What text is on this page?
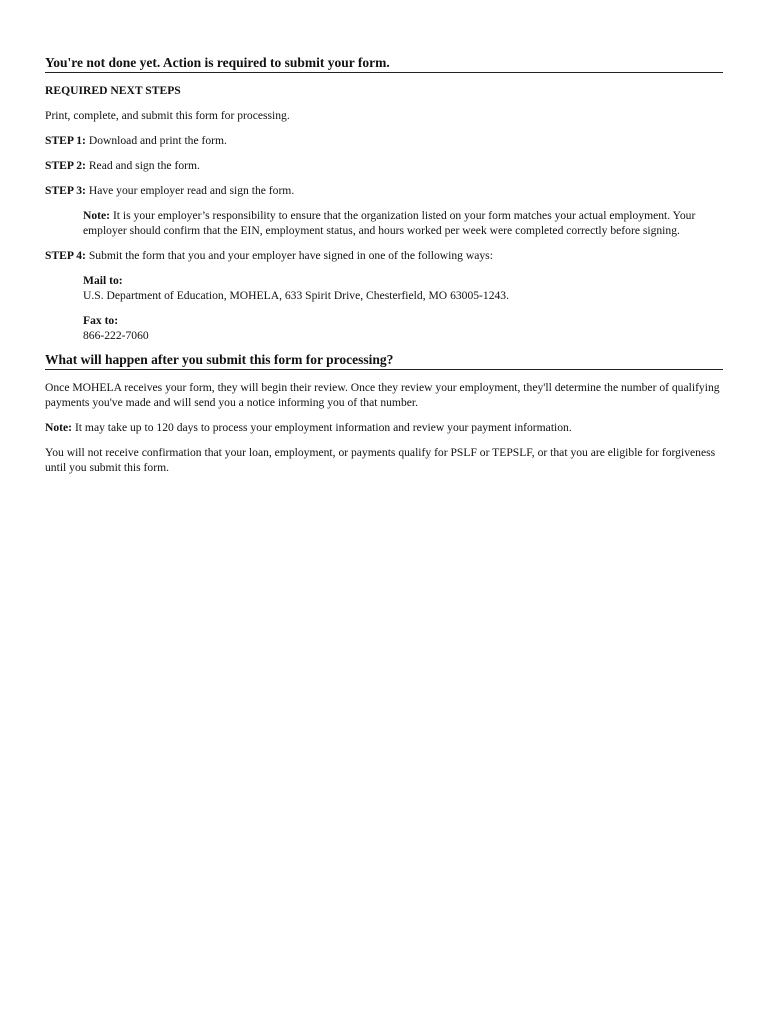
You're not done yet. Action is required to submit your form.

REQUIRED NEXT STEPS

Print, complete, and submit this form for processing.

STEP 1: Download and print the form.

STEP 2: Read and sign the form.

STEP 3: Have your employer read and sign the form.

Note: It is your employer’s responsibility to ensure that the organization listed on your form matches your actual employment. Your employer should confirm that the EIN, employment status, and hours worked per week were completed correctly before signing.

STEP 4: Submit the form that you and your employer have signed in one of the following ways:

Mail to:

U.S. Department of Education, MOHELA, 633 Spirit Drive, Chesterfield, MO 63005-1243.

Fax to:

866-222-7060

What will happen after you submit this form for processing?

Once MOHELA receives your form, they will begin their review. Once they review your employment, they'll determine the number of qualifying payments you've made and will send you a notice informing you of that number.

Note: It may take up to 120 days to process your employment information and review your payment information.

You will not receive confirmation that your loan, employment, or payments qualify for PSLF or TEPSLF, or that you are eligible for forgiveness until you submit this form.
